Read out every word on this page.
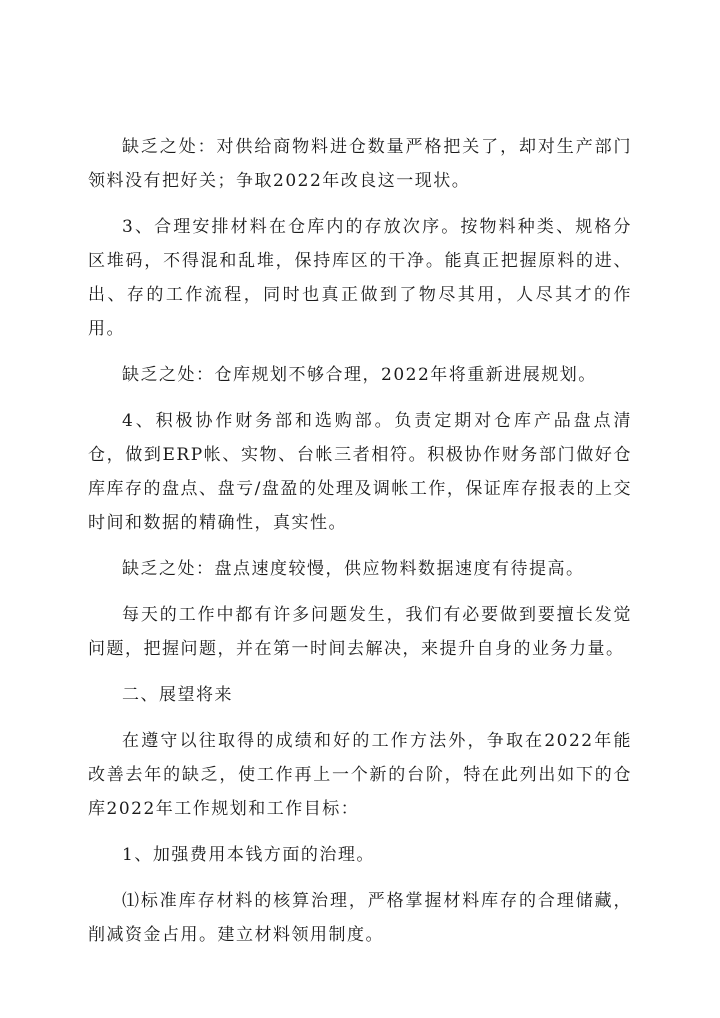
缺乏之处：对供给商物料进仓数量严格把关了，却对生产部门领料没有把好关；争取2022年改良这一现状。

3、合理安排材料在仓库内的存放次序。按物料种类、规格分区堆码，不得混和乱堆，保持库区的干净。能真正把握原料的进、出、存的工作流程，同时也真正做到了物尽其用，人尽其才的作用。

缺乏之处：仓库规划不够合理，2022年将重新进展规划。

4、积极协作财务部和选购部。负责定期对仓库产品盘点清仓，做到ERP帐、实物、台帐三者相符。积极协作财务部门做好仓库库存的盘点、盘亏/盘盈的处理及调帐工作，保证库存报表的上交时间和数据的精确性，真实性。

缺乏之处：盘点速度较慢，供应物料数据速度有待提高。

每天的工作中都有许多问题发生，我们有必要做到要擅长发觉问题，把握问题，并在第一时间去解决，来提升自身的业务力量。

二、展望将来

在遵守以往取得的成绩和好的工作方法外，争取在2022年能改善去年的缺乏，使工作再上一个新的台阶，特在此列出如下的仓库2022年工作规划和工作目标：

1、加强费用本钱方面的治理。

⑴标准库存材料的核算治理，严格掌握材料库存的合理储藏，削减资金占用。建立材料领用制度。
